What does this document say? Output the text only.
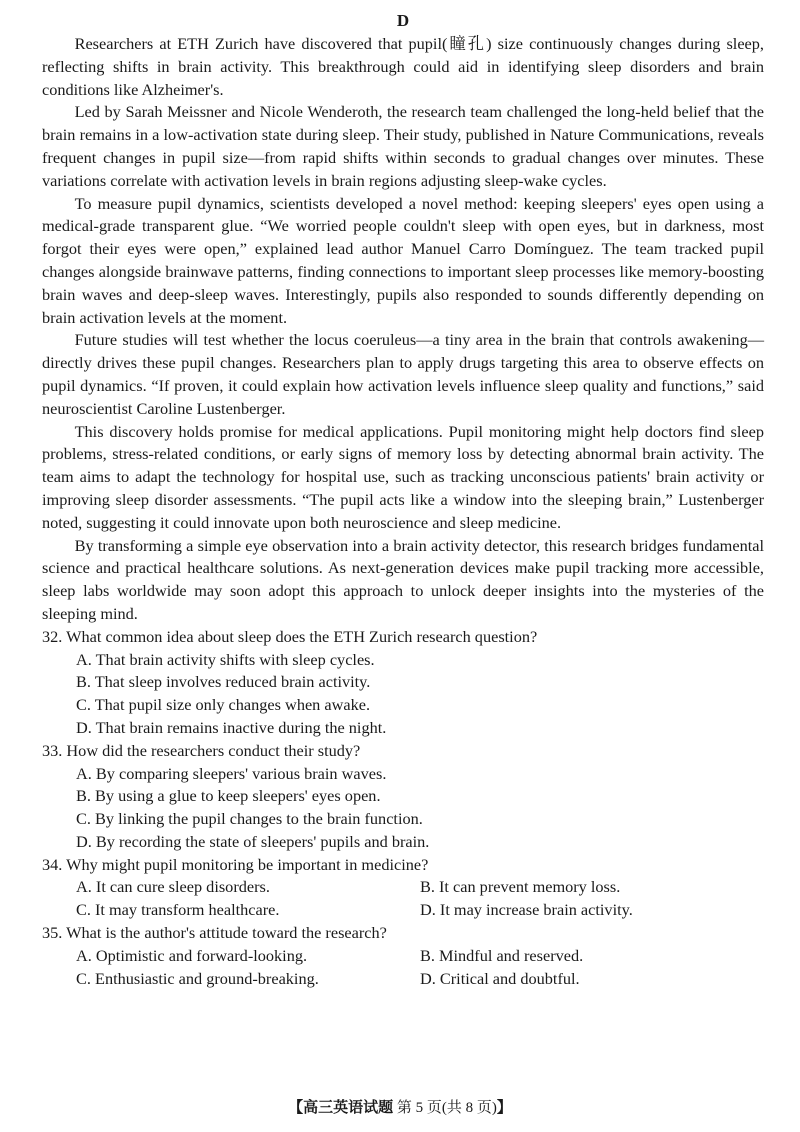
D

Researchers at ETH Zurich have discovered that pupil(瞳孔) size continuously changes during sleep, reflecting shifts in brain activity. This breakthrough could aid in identifying sleep disorders and brain conditions like Alzheimer's.

Led by Sarah Meissner and Nicole Wenderoth, the research team challenged the long-held belief that the brain remains in a low-activation state during sleep. Their study, published in Nature Communications, reveals frequent changes in pupil size—from rapid shifts within seconds to gradual changes over minutes. These variations correlate with activation levels in brain regions adjusting sleep-wake cycles.

To measure pupil dynamics, scientists developed a novel method: keeping sleepers' eyes open using a medical-grade transparent glue. “We worried people couldn't sleep with open eyes, but in darkness, most forgot their eyes were open,” explained lead author Manuel Carro Domínguez. The team tracked pupil changes alongside brainwave patterns, finding connections to important sleep processes like memory-boosting brain waves and deep-sleep waves. Interestingly, pupils also responded to sounds differently depending on brain activation levels at the moment.

Future studies will test whether the locus coeruleus—a tiny area in the brain that controls awakening—directly drives these pupil changes. Researchers plan to apply drugs targeting this area to observe effects on pupil dynamics. “If proven, it could explain how activation levels influence sleep quality and functions,” said neuroscientist Caroline Lustenberger.

This discovery holds promise for medical applications. Pupil monitoring might help doctors find sleep problems, stress-related conditions, or early signs of memory loss by detecting abnormal brain activity. The team aims to adapt the technology for hospital use, such as tracking unconscious patients' brain activity or improving sleep disorder assessments. “The pupil acts like a window into the sleeping brain,” Lustenberger noted, suggesting it could innovate upon both neuroscience and sleep medicine.

By transforming a simple eye observation into a brain activity detector, this research bridges fundamental science and practical healthcare solutions. As next-generation devices make pupil tracking more accessible, sleep labs worldwide may soon adopt this approach to unlock deeper insights into the mysteries of the sleeping mind.

32. What common idea about sleep does the ETH Zurich research question?

A. That brain activity shifts with sleep cycles.

B. That sleep involves reduced brain activity.

C. That pupil size only changes when awake.

D. That brain remains inactive during the night.

33. How did the researchers conduct their study?

A. By comparing sleepers' various brain waves.

B. By using a glue to keep sleepers' eyes open.

C. By linking the pupil changes to the brain function.

D. By recording the state of sleepers' pupils and brain.

34. Why might pupil monitoring be important in medicine?

A. It can cure sleep disorders.	B. It can prevent memory loss.
C. It may transform healthcare.	D. It may increase brain activity.

35. What is the author's attitude toward the research?

A. Optimistic and forward-looking.	B. Mindful and reserved.
C. Enthusiastic and ground-breaking.	D. Critical and doubtful.
【高三英语试题 第 5 页(共 8 页)】
